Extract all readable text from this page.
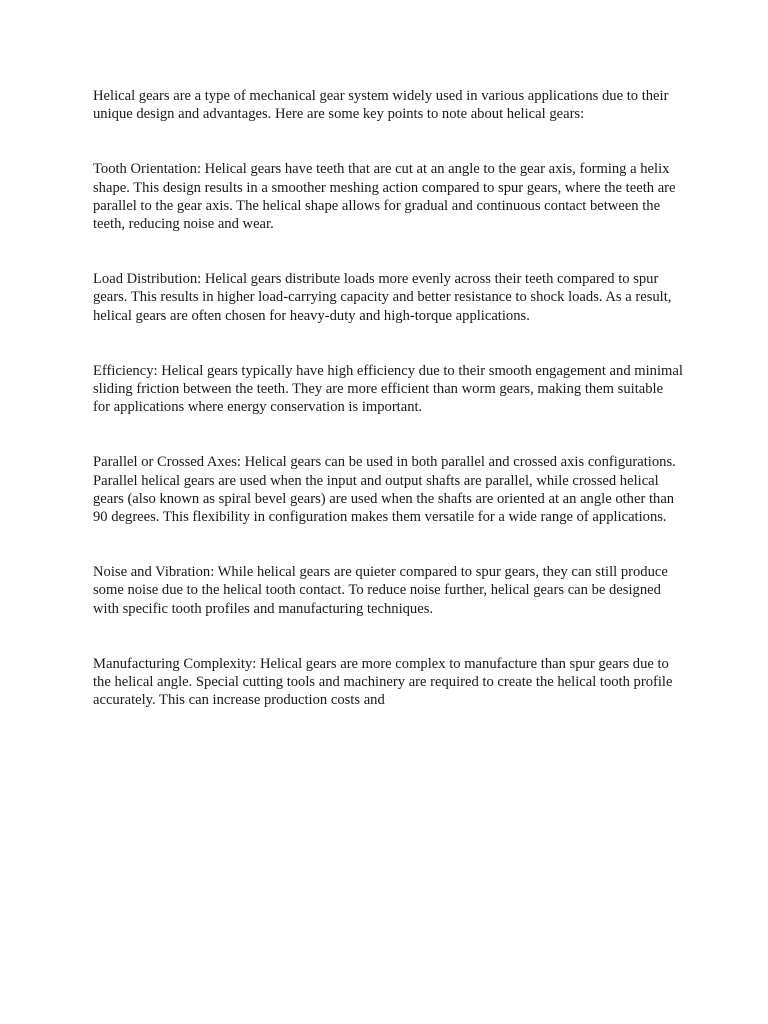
Helical gears are a type of mechanical gear system widely used in various applications due to their unique design and advantages. Here are some key points to note about helical gears:

Tooth Orientation: Helical gears have teeth that are cut at an angle to the gear axis, forming a helix shape. This design results in a smoother meshing action compared to spur gears, where the teeth are parallel to the gear axis. The helical shape allows for gradual and continuous contact between the teeth, reducing noise and wear.

Load Distribution: Helical gears distribute loads more evenly across their teeth compared to spur gears. This results in higher load-carrying capacity and better resistance to shock loads. As a result, helical gears are often chosen for heavy-duty and high-torque applications.

Efficiency: Helical gears typically have high efficiency due to their smooth engagement and minimal sliding friction between the teeth. They are more efficient than worm gears, making them suitable for applications where energy conservation is important.

Parallel or Crossed Axes: Helical gears can be used in both parallel and crossed axis configurations. Parallel helical gears are used when the input and output shafts are parallel, while crossed helical gears (also known as spiral bevel gears) are used when the shafts are oriented at an angle other than 90 degrees. This flexibility in configuration makes them versatile for a wide range of applications.

Noise and Vibration: While helical gears are quieter compared to spur gears, they can still produce some noise due to the helical tooth contact. To reduce noise further, helical gears can be designed with specific tooth profiles and manufacturing techniques.

Manufacturing Complexity: Helical gears are more complex to manufacture than spur gears due to the helical angle. Special cutting tools and machinery are required to create the helical tooth profile accurately. This can increase production costs and
